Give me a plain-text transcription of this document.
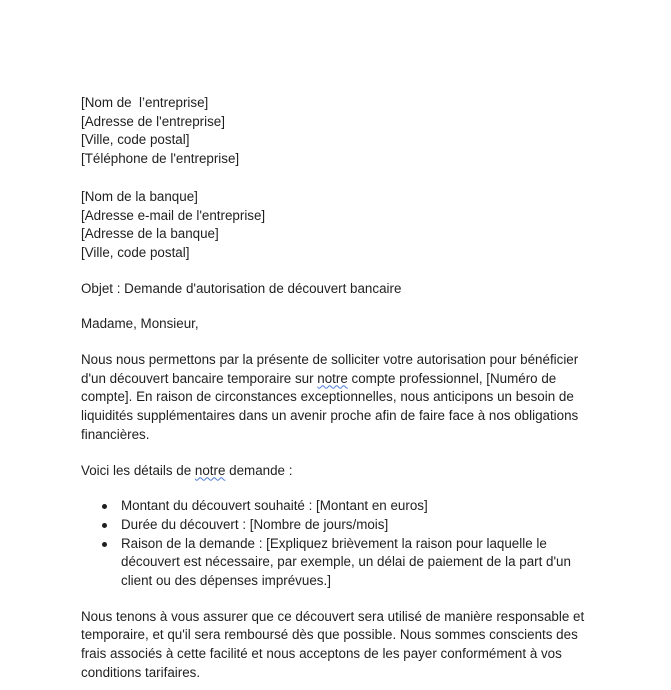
[Nom de  l’entreprise]
[Adresse de l'entreprise]
[Ville, code postal]
[Téléphone de l'entreprise]
[Nom de la banque]
[Adresse e-mail de l'entreprise]
[Adresse de la banque]
[Ville, code postal]

Objet : Demande d'autorisation de découvert bancaire

Madame, Monsieur,

Nous nous permettons par la présente de solliciter votre autorisation pour bénéficier d'un découvert bancaire temporaire sur notre compte professionnel, [Numéro de compte]. En raison de circonstances exceptionnelles, nous anticipons un besoin de liquidités supplémentaires dans un avenir proche afin de faire face à nos obligations financières.

Voici les détails de notre demande :

Montant du découvert souhaité : [Montant en euros]
Durée du découvert : [Nombre de jours/mois]
Raison de la demande : [Expliquez brièvement la raison pour laquelle le découvert est nécessaire, par exemple, un délai de paiement de la part d'un client ou des dépenses imprévues.]

Nous tenons à vous assurer que ce découvert sera utilisé de manière responsable et temporaire, et qu'il sera remboursé dès que possible. Nous sommes conscients des frais associés à cette facilité et nous acceptons de les payer conformément à vos conditions tarifaires.
